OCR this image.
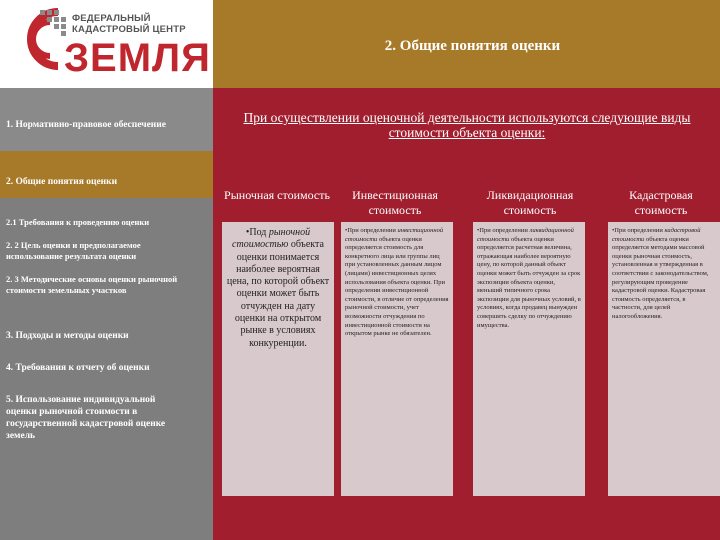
ФЕДЕРАЛЬНЫЙ
КАДАСТРОВЫЙ ЦЕНТР
ЗЕМЛЯ	2. Общие понятия оценки
1. Нормативно-правовое обеспечение
2. Общие понятия оценки
2.1 Требования к проведению оценки
2. 2 Цель оценки и предполагаемое использование результата оценки
2. 3 Методические основы оценки рыночной стоимости земельных участков
3. Подходы и методы оценки
4. Требования к отчету об оценки
5. Использование индивидуальной оценки рыночной стоимости в государственной кадастровой оценке земель
При осуществлении оценочной деятельности используются следующие виды стоимости объекта оценки:
Рыночная стоимость	Инвестиционная стоимость
Ликвидационная стоимость
Кадастровая стоимость

•Под рыночной стоимостью объекта оценки понимается наиболее вероятная цена, по которой объект оценки может быть отчужден на дату оценки на открытом рынке в условиях конкуренции.

•При определении инвестиционной стоимости объекта оценки определяется стоимость для конкретного лица или группы лиц при установленных данным лицом (лицами) инвестиционных целях использования объекта оценки. При определении инвестиционной стоимости, в отличие от определения рыночной стоимости, учет возможности отчуждения по инвестиционной стоимости на открытом рынке не обязателен.

•При определении ликвидационной стоимости объекта оценки определяется расчетная величина, отражающая наиболее вероятную цену, по которой данный объект оценки может быть отчужден за срок экспозиции объекта оценки, меньший типичного срока экспозиции для рыночных условий, в условиях, когда продавец вынужден совершить сделку по отчуждению имущества.

•При определении кадастровой стоимости объекта оценки определяется методами массовой оценки рыночная стоимость, установленная и утвержденная в соответствии с законодательством, регулирующим проведение кадастровой оценки. Кадастровая стоимость определяется, в частности, для целей налогообложения.
